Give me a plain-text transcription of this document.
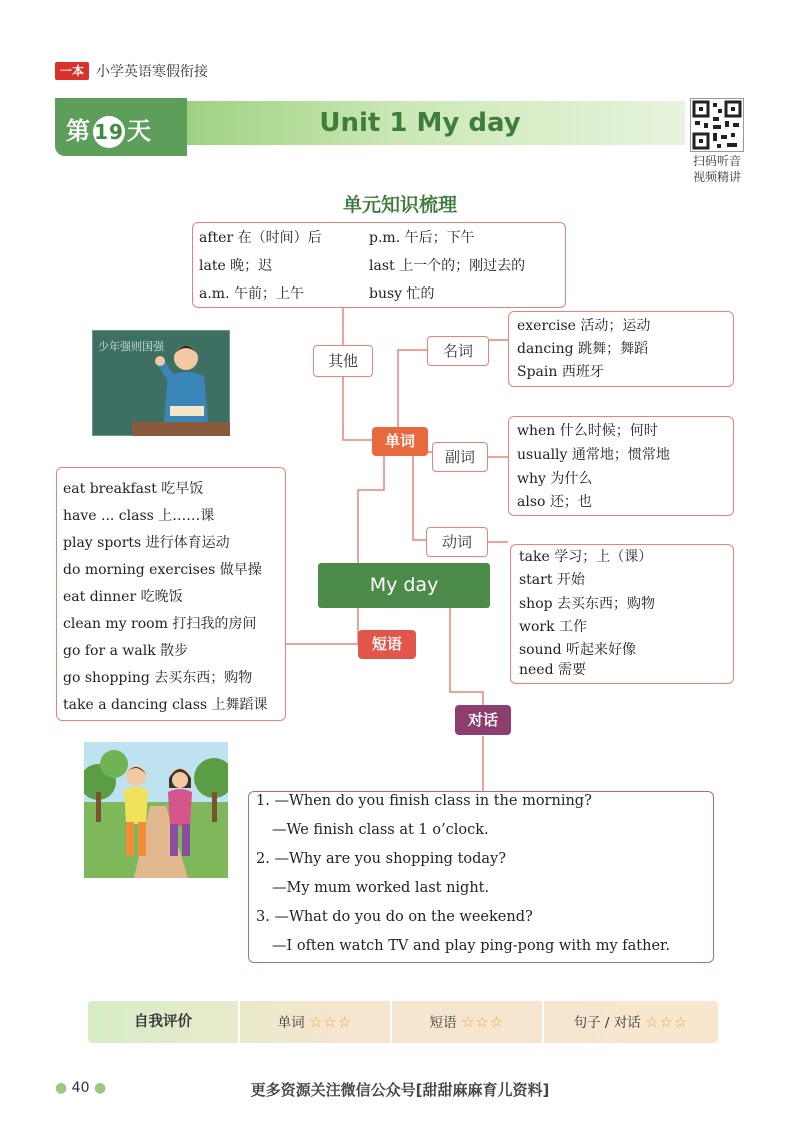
一本 小学英语寒假衔接
第 19 天	Unit 1 My day
扫码听音
视频精讲
单元知识梳理
after 在（时间）后	p.m. 午后；下午
late 晚；迟	last 上一个的；刚过去的
a.m. 午前；上午	busy 忙的
少年强则国强
其他
名词
副词
动词
exercise 活动；运动
dancing 跳舞；舞蹈
Spain 西班牙
单词
when 什么时候；何时
usually 通常地；惯常地
why 为什么
also 还；也
take 学习；上（课）
start 开始
shop 去买东西；购物
work 工作
sound 听起来好像
need 需要
eat breakfast 吃早饭
have ... class 上……课
play sports 进行体育运动
do morning exercises 做早操
eat dinner 吃晚饭
clean my room 打扫我的房间
go for a walk 散步
go shopping 去买东西；购物
take a dancing class 上舞蹈课
My day
短语
对话
1. —When do you finish class in the morning?
—We finish class at 1 o’clock.
2. —Why are you shopping today?
—My mum worked last night.
3. —What do you do on the weekend?
—I often watch TV and play ping-pong with my father.
自我评价	单词 ☆☆☆	短语 ☆☆☆	句子 / 对话 ☆☆☆
● 40 ●	更多资源关注微信公众号[甜甜麻麻育儿资料]
